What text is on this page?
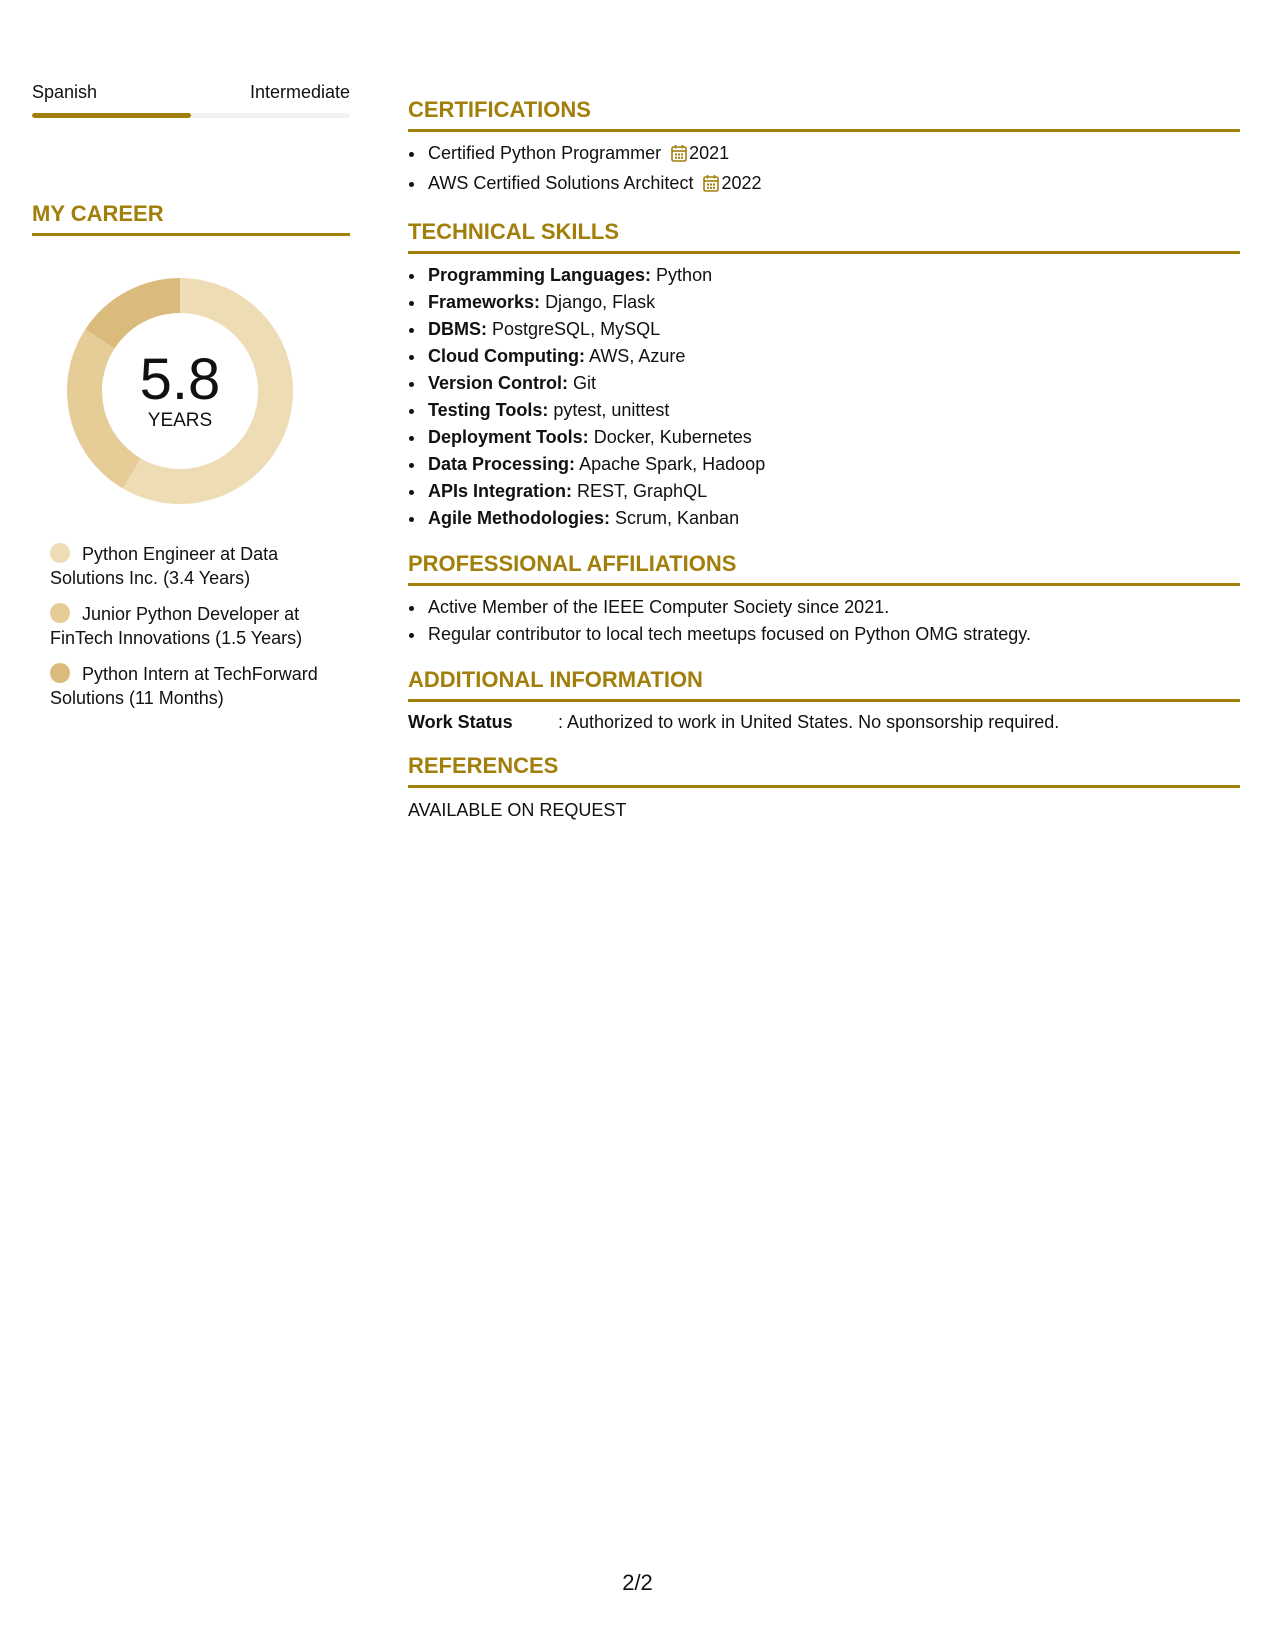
Spanish	Intermediate
MY CAREER
5.8
YEARS
Python Engineer at Data Solutions Inc. (3.4 Years)
Junior Python Developer at FinTech Innovations (1.5 Years)
Python Intern at TechForward Solutions (11 Months)
CERTIFICATIONS
• Certified Python Programmer 2021
• AWS Certified Solutions Architect 2022
TECHNICAL SKILLS
• Programming Languages: Python
• Frameworks: Django, Flask
• DBMS: PostgreSQL, MySQL
• Cloud Computing: AWS, Azure
• Version Control: Git
• Testing Tools: pytest, unittest
• Deployment Tools: Docker, Kubernetes
• Data Processing: Apache Spark, Hadoop
• APIs Integration: REST, GraphQL
• Agile Methodologies: Scrum, Kanban
PROFESSIONAL AFFILIATIONS
• Active Member of the IEEE Computer Society since 2021.
• Regular contributor to local tech meetups focused on Python OMG strategy.
ADDITIONAL INFORMATION
Work Status	: Authorized to work in United States. No sponsorship required.
REFERENCES
AVAILABLE ON REQUEST
2/2
